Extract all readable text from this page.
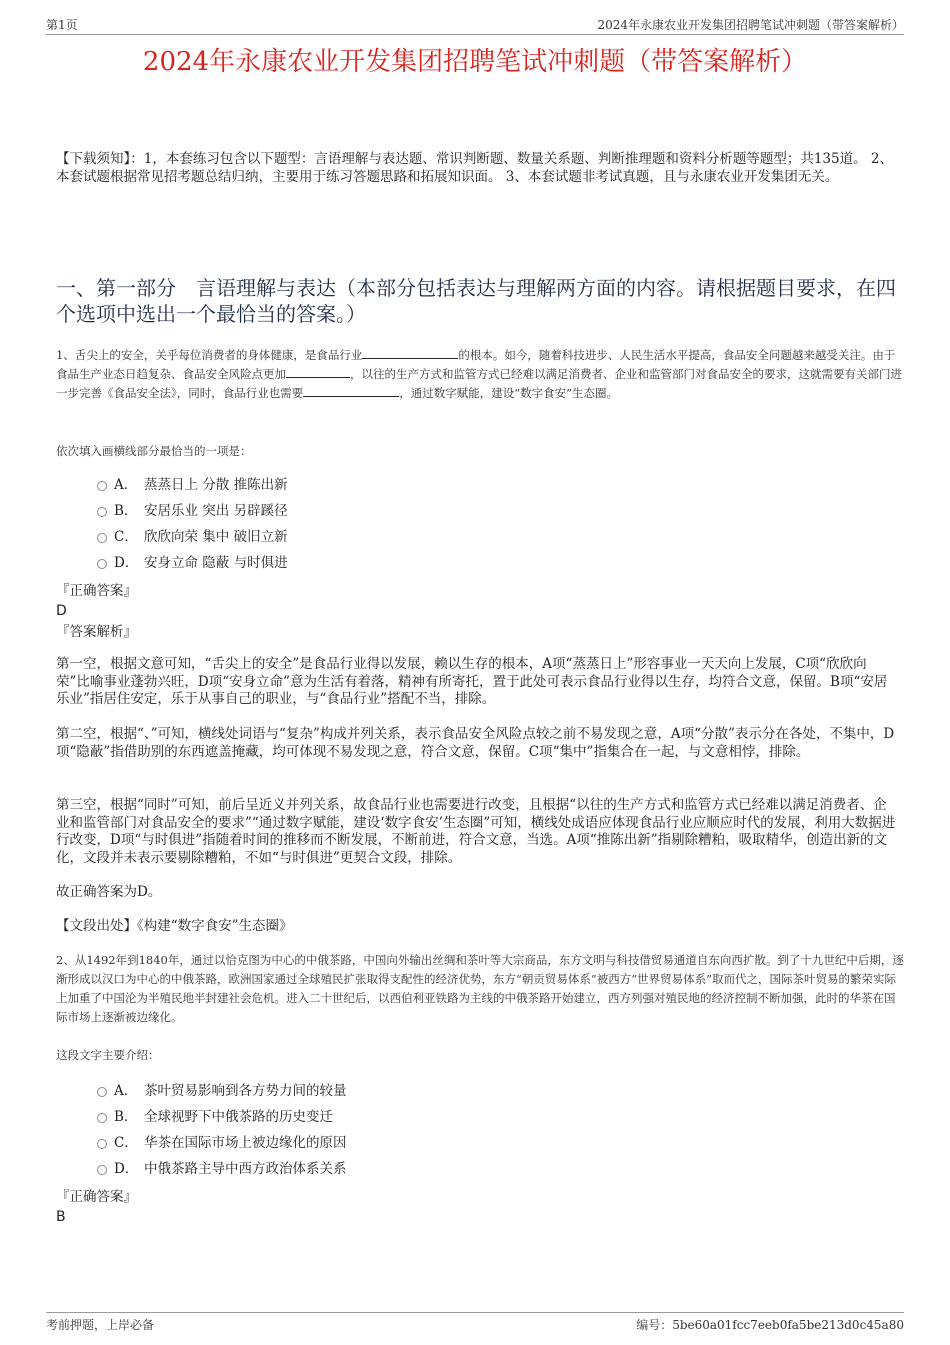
第1页	2024年永康农业开发集团招聘笔试冲刺题（带答案解析）
2024年永康农业开发集团招聘笔试冲刺题（带答案解析）
【下载须知】：1，本套练习包含以下题型：言语理解与表达题、常识判断题、数量关系题、判断推理题和资料分析题等题型；共135道。 2、本套试题根据常见招考题总结归纳，主要用于练习答题思路和拓展知识面。 3、本套试题非考试真题，且与永康农业开发集团无关。
一、第一部分　言语理解与表达（本部分包括表达与理解两方面的内容。请根据题目要求，在四个选项中选出一个最恰当的答案。）
1、舌尖上的安全，关乎每位消费者的身体健康，是食品行业	的根本。如今，随着科技进步、人民生活水平提高，食品安全问题越来越受关注。由于食品生产业态日趋复杂、食品安全风险点更加	，以往的生产方式和监管方式已经难以满足消费者、企业和监管部门对食品安全的要求，这就需要有关部门进一步完善《食品安全法》，同时，食品行业也需要	，通过数字赋能，建设“数字食安”生态圈。
依次填入画横线部分最恰当的一项是：
A． 蒸蒸日上 分散 推陈出新
B． 安居乐业 突出 另辟蹊径
C． 欣欣向荣 集中 破旧立新
D． 安身立命 隐蔽 与时俱进
『正确答案』
D
『答案解析』
第一空，根据文意可知，“舌尖上的安全”是食品行业得以发展，赖以生存的根本，A项“蒸蒸日上”形容事业一天天向上发展，C项“欣欣向荣”比喻事业蓬勃兴旺，D项“安身立命”意为生活有着落，精神有所寄托，置于此处可表示食品行业得以生存，均符合文意，保留。B项“安居乐业”指居住安定，乐于从事自己的职业，与“食品行业”搭配不当，排除。
第二空，根据“、”可知，横线处词语与“复杂”构成并列关系，表示食品安全风险点较之前不易发现之意，A项“分散”表示分在各处，不集中，D项“隐蔽”指借助别的东西遮盖掩藏，均可体现不易发现之意，符合文意，保留。C项“集中”指集合在一起，与文意相悖，排除。
第三空，根据“同时”可知，前后呈近义并列关系，故食品行业也需要进行改变，且根据“以往的生产方式和监管方式已经难以满足消费者、企业和监管部门对食品安全的要求”“通过数字赋能，建设‘数字食安’生态圈”可知，横线处成语应体现食品行业应顺应时代的发展，利用大数据进行改变，D项“与时俱进”指随着时间的推移而不断发展，不断前进，符合文意，当选。A项“推陈出新”指剔除糟粕，吸取精华，创造出新的文化，文段并未表示要剔除糟粕，不如“与时俱进”更契合文段，排除。
故正确答案为D。
【文段出处】《构建“数字食安”生态圈》
2、从1492年到1840年，通过以恰克图为中心的中俄茶路，中国向外输出丝绸和茶叶等大宗商品，东方文明与科技借贸易通道自东向西扩散。到了十九世纪中后期，逐渐形成以汉口为中心的中俄茶路，欧洲国家通过全球殖民扩张取得支配性的经济优势，东方“朝贡贸易体系”被西方“世界贸易体系”取而代之，国际茶叶贸易的繁荣实际上加重了中国沦为半殖民地半封建社会危机。进入二十世纪后，以西伯利亚铁路为主线的中俄茶路开始建立，西方列强对殖民地的经济控制不断加强，此时的华茶在国际市场上逐渐被边缘化。
这段文字主要介绍：
A． 茶叶贸易影响到各方势力间的较量
B． 全球视野下中俄茶路的历史变迁
C． 华茶在国际市场上被边缘化的原因
D． 中俄茶路主导中西方政治体系关系
『正确答案』
B
考前押题，上岸必备	编号：5be60a01fcc7eeb0fa5be213d0c45a80
